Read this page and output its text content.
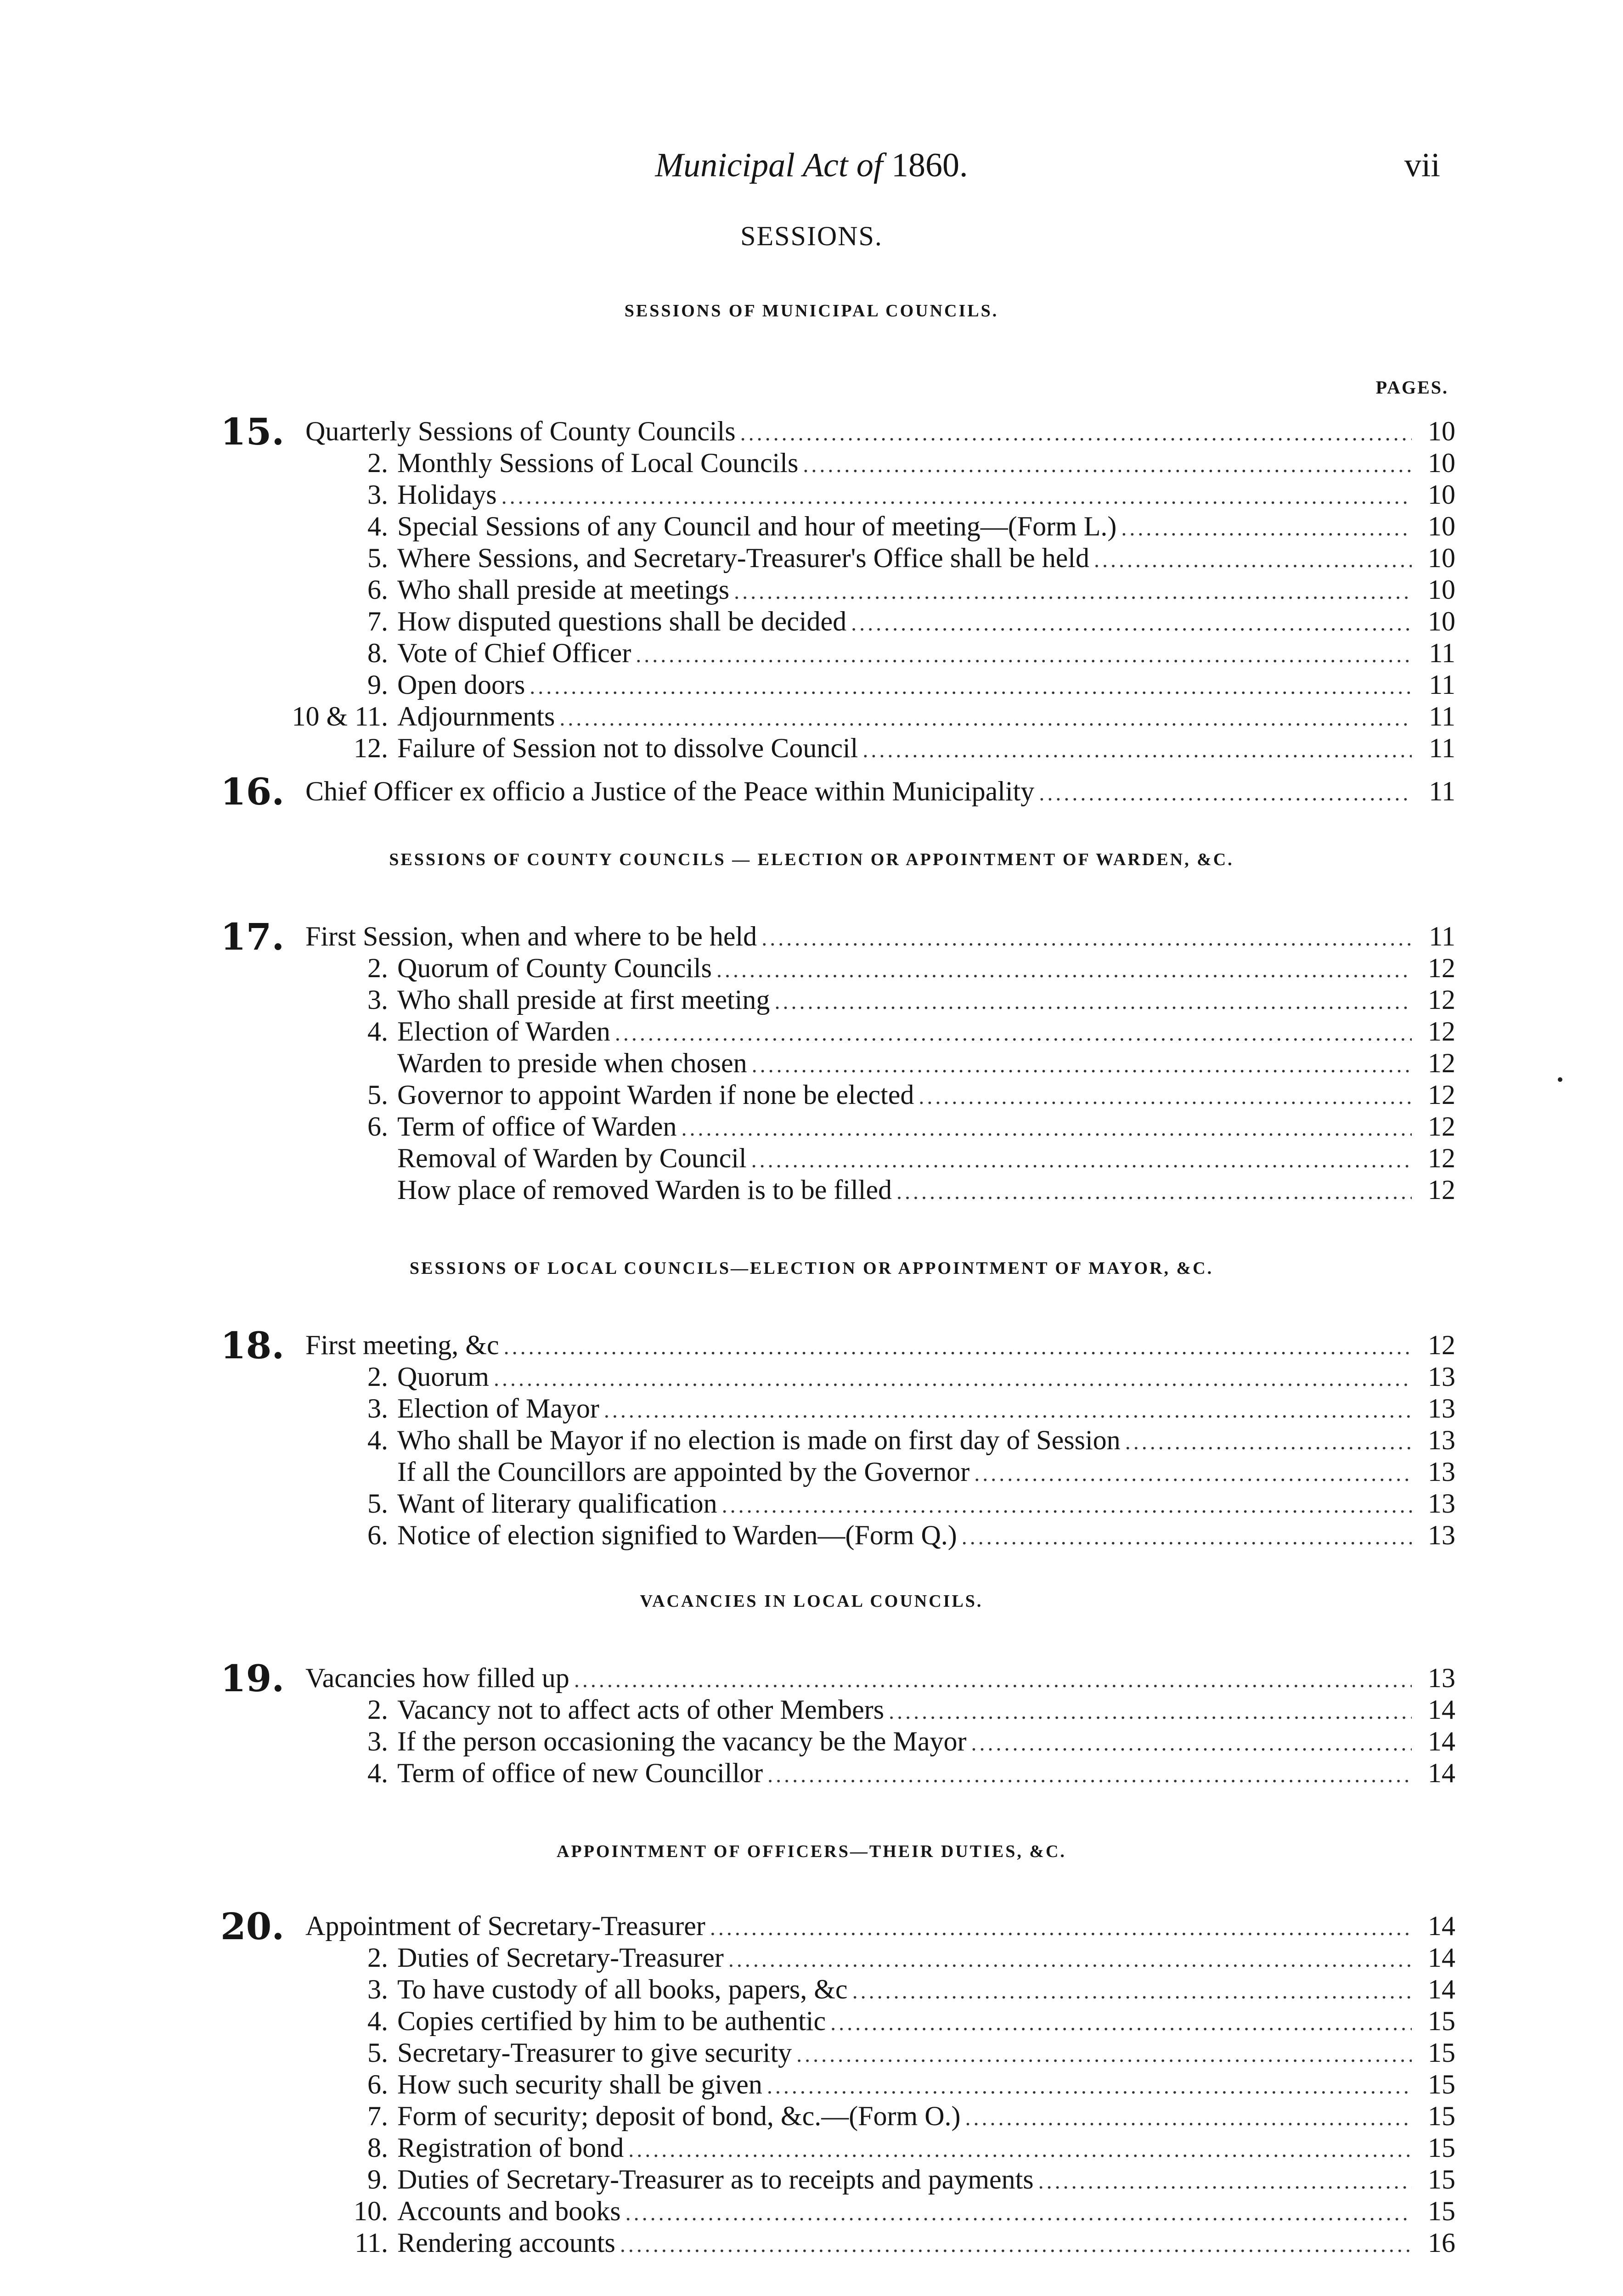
Municipal Act of 1860.	vii
SESSIONS.
PAGES.
SESSIONS OF MUNICIPAL COUNCILS.
15. Quarterly Sessions of County Councils .....	10
2. Monthly Sessions of Local Councils .....	10
3. Holidays .....	10
4. Special Sessions of any Council and hour of meeting—(Form L.) .....	10
5. Where Sessions, and Secretary-Treasurer's Office shall be held .....	10
6. Who shall preside at meetings .....	10
7. How disputed questions shall be decided .....	10
8. Vote of Chief Officer .....	11
9. Open doors .....	11
10 & 11. Adjournments .....	11
12. Failure of Session not to dissolve Council .....	11
16. Chief Officer ex officio a Justice of the Peace within Municipality .....	11
SESSIONS OF COUNTY COUNCILS — ELECTION OR APPOINTMENT OF WARDEN, &C.
17. First Session, when and where to be held .....	11
2. Quorum of County Councils .....	12
3. Who shall preside at first meeting .....	12
4. Election of Warden .....	12
Warden to preside when chosen .....	12
5. Governor to appoint Warden if none be elected .....	12
6. Term of office of Warden .....	12
Removal of Warden by Council .....	12
How place of removed Warden is to be filled .....	12
SESSIONS OF LOCAL COUNCILS—ELECTION OR APPOINTMENT OF MAYOR, &C.
18. First meeting, &c .....	12
2. Quorum .....	13
3. Election of Mayor .....	13
4. Who shall be Mayor if no election is made on first day of Session .....	13
If all the Councillors are appointed by the Governor .....	13
5. Want of literary qualification .....	13
6. Notice of election signified to Warden—(Form Q.) .....	13
VACANCIES IN LOCAL COUNCILS.
19. Vacancies how filled up .....	13
2. Vacancy not to affect acts of other Members .....	14
3. If the person occasioning the vacancy be the Mayor .....	14
4. Term of office of new Councillor .....	14
APPOINTMENT OF OFFICERS—THEIR DUTIES, &C.
20. Appointment of Secretary-Treasurer .....	14
2. Duties of Secretary-Treasurer .....	14
3. To have custody of all books, papers, &c .....	14
4. Copies certified by him to be authentic .....	15
5. Secretary-Treasurer to give security .....	15
6. How such security shall be given .....	15
7. Form of security; deposit of bond, &c.—(Form O.) .....	15
8. Registration of bond .....	15
9. Duties of Secretary-Treasurer as to receipts and payments .....	15
10. Accounts and books .....	15
11. Rendering accounts .....	16
